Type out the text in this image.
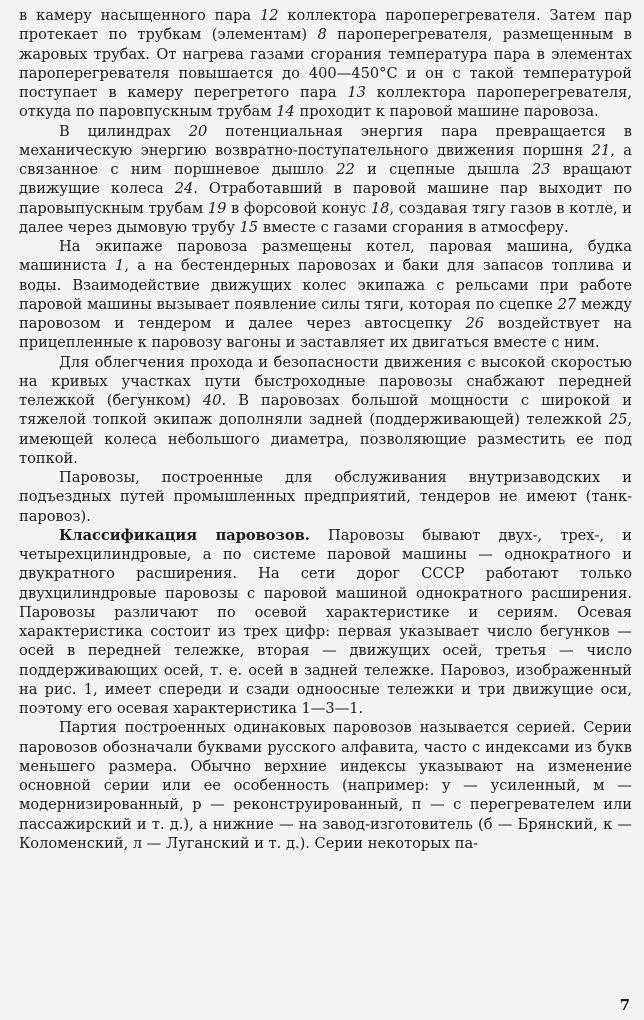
в камеру насыщенного пара 12 коллектора пароперегревателя. Затем пар протекает по трубкам (элементам) 8 пароперегревателя, размещенным в жаровых трубах. От нагрева газами сгорания температура пара в элементах пароперегревателя повышается до 400—450°C и он с такой температурой поступает в камеру перегретого пара 13 коллектора пароперегревателя, откуда по паровпускным трубам 14 проходит к паровой машине паровоза.

В цилиндрах 20 потенциальная энергия пара превращается в механическую энергию возвратно-поступательного движения поршня 21, а связанное с ним поршневое дышло 22 и сцепные дышла 23 вращают движущие колеса 24. Отработавший в паровой машине пар выходит по паровыпускным трубам 19 в форсовой конус 18, создавая тягу газов в котле, и далее через дымовую трубу 15 вместе с газами сгорания в атмосферу.

На экипаже паровоза размещены котел, паровая машина, будка машиниста 1, а на бестендерных паровозах и баки для запасов топлива и воды. Взаимодействие движущих колес экипажа с рельсами при работе паровой машины вызывает появление силы тяги, которая по сцепке 27 между паровозом и тендером и далее через автосцепку 26 воздействует на прицепленные к паровозу вагоны и заставляет их двигаться вместе с ним.

Для облегчения прохода и безопасности движения с высокой скоростью на кривых участках пути быстроходные паровозы снабжают передней тележкой (бегунком) 40. В паровозах большой мощности с широкой и тяжелой топкой экипаж дополняли задней (поддерживающей) тележкой 25, имеющей колеса небольшого диаметра, позволяющие разместить ее под топкой.

Паровозы, построенные для обслуживания внутризаводских и подъездных путей промышленных предприятий, тендеров не имеют (танк-паровоз).

Классификация паровозов. Паровозы бывают двух-, трех-, и четырехцилиндровые, а по системе паровой машины — однократного и двукратного расширения. На сети дорог СССР работают только двухцилиндровые паровозы с паровой машиной однократного расширения. Паровозы различают по осевой характеристике и сериям. Осевая характеристика состоит из трех цифр: первая указывает число бегунков — осей в передней тележке, вторая — движущих осей, третья — число поддерживающих осей, т. е. осей в задней тележке. Паровоз, изображенный на рис. 1, имеет спереди и сзади одноосные тележки и три движущие оси, поэтому его осевая характеристика 1—3—1.

Партия построенных одинаковых паровозов называется серией. Серии паровозов обозначали буквами русского алфавита, часто с индексами из букв меньшего размера. Обычно верхние индексы указывают на изменение основной серии или ее особенность (например: у — усиленный, м — модернизированный, р — реконструированный, п — с перегревателем или пассажирский и т. д.), а нижние — на завод-изготовитель (б — Брянский, к — Коломенский, л — Луганский и т. д.). Серии некоторых па-

7
